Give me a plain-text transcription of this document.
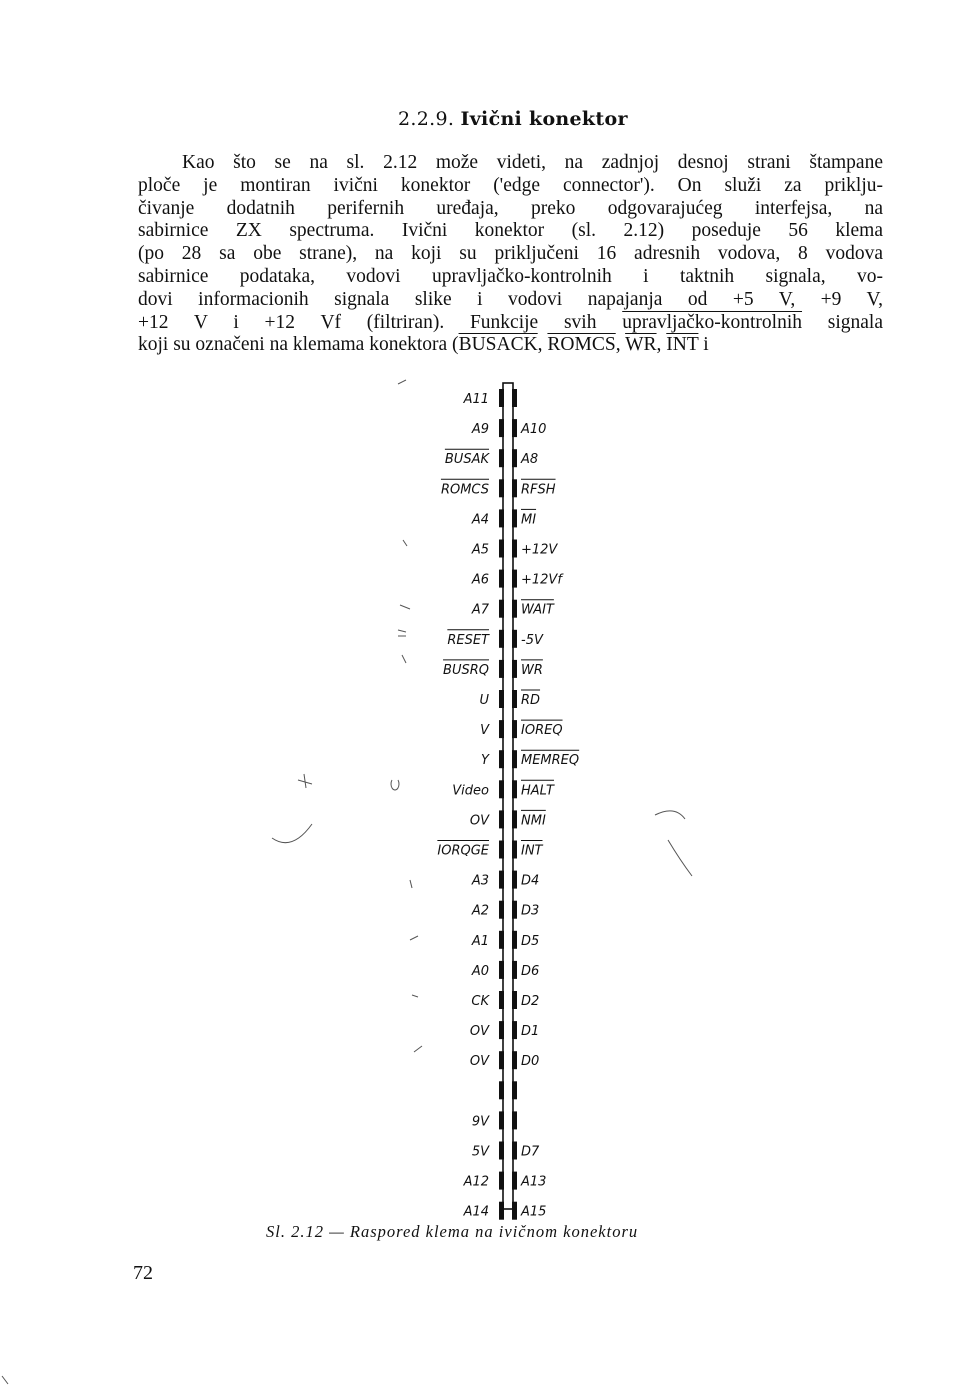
2.2.9. Ivični konektor
Kao što se na sl. 2.12 može videti, na zadnjoj desnoj strani štampane
ploče je montiran ivični konektor ('edge connector'). On služi za priklju-
čivanje dodatnih perifernih uređaja, preko odgovarajućeg interfejsa, na
sabirnice ZX spectruma. Ivični konektor (sl. 2.12) poseduje 56 klema
(po 28 sa obe strane), na koji su priključeni 16 adresnih vodova, 8 vodova
sabirnice podataka, vodovi upravljačko-kontrolnih i taktnih signala, vo-
dovi informacionih signala slike i vodovi napajanja od +5 V, +9 V,
+12 V i +12 Vf (filtriran). Funkcije svih upravljačko-kontrolnih signala
koji su označeni na klemama konektora (BUSACK, ROMCS, $\overline{WR}$, $\overline{INT}$ i
A11
A9
BUSAK
ROMCS
A4
A5
A6
A7
RESET
BUSRQ
U
V
Y
Video
OV
IORQGE
A3
A2
A1
A0
CK
OV
OV
9V
5V
A12
A14
A10
A8
RFSH
MI
+12V
+12Vf
WAIT
-5V
WR
RD
IOREQ
MEMREQ
HALT
NMI
INT
D4
D3
D5
D6
D2
D1
D0
D7
A13
A15
Sl. 2.12 — Raspored klema na ivičnom konektoru
72
